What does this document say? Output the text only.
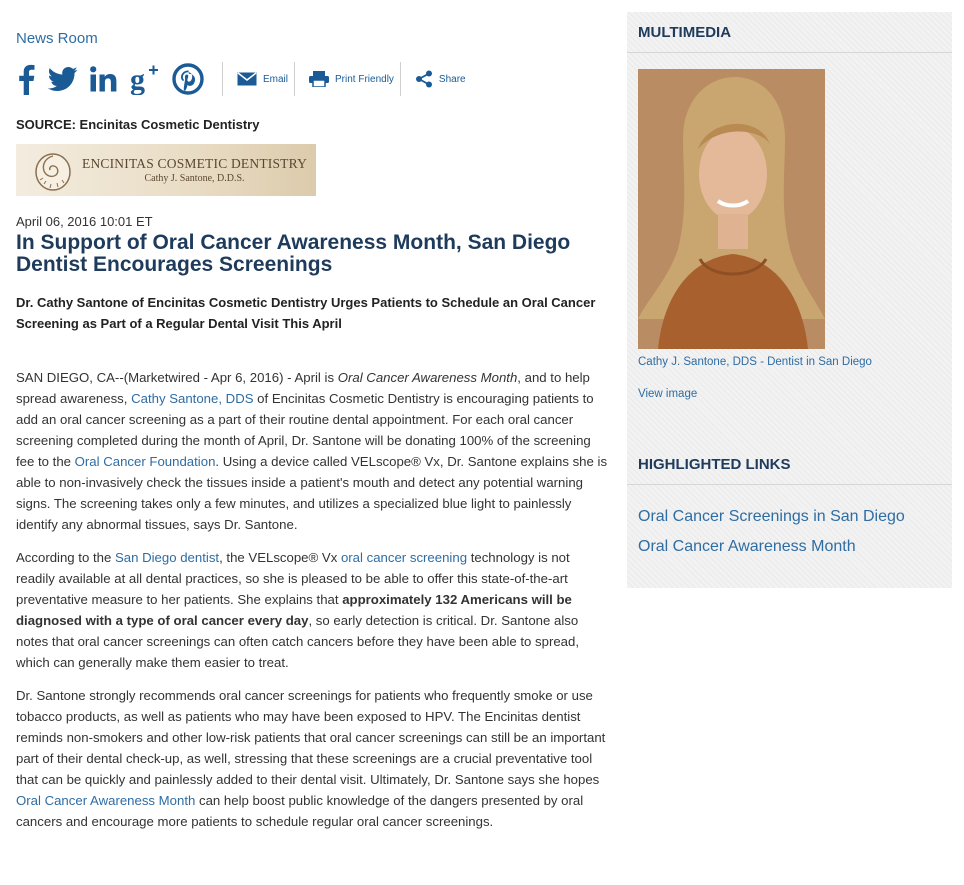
News Room
g	Email	Print Friendly	Share
SOURCE: Encinitas Cosmetic Dentistry
ENCINITAS COSMETIC DENTISTRY
Cathy J. Santone, D.D.S.
April 06, 2016 10:01 ET
In Support of Oral Cancer Awareness Month, San Diego Dentist Encourages Screenings
Dr. Cathy Santone of Encinitas Cosmetic Dentistry Urges Patients to Schedule an Oral Cancer Screening as Part of a Regular Dental Visit This April

SAN DIEGO, CA--(Marketwired - Apr 6, 2016) - April is Oral Cancer Awareness Month, and to help spread awareness, Cathy Santone, DDS of Encinitas Cosmetic Dentistry is encouraging patients to add an oral cancer screening as a part of their routine dental appointment. For each oral cancer screening completed during the month of April, Dr. Santone will be donating 100% of the screening fee to the Oral Cancer Foundation. Using a device called VELscope® Vx, Dr. Santone explains she is able to non-invasively check the tissues inside a patient's mouth and detect any potential warning signs. The screening takes only a few minutes, and utilizes a specialized blue light to painlessly identify any abnormal tissues, says Dr. Santone.

According to the San Diego dentist, the VELscope® Vx oral cancer screening technology is not readily available at all dental practices, so she is pleased to be able to offer this state-of-the-art preventative measure to her patients. She explains that approximately 132 Americans will be diagnosed with a type of oral cancer every day, so early detection is critical. Dr. Santone also notes that oral cancer screenings can often catch cancers before they have been able to spread, which can generally make them easier to treat.

Dr. Santone strongly recommends oral cancer screenings for patients who frequently smoke or use tobacco products, as well as patients who may have been exposed to HPV. The Encinitas dentist reminds non-smokers and other low-risk patients that oral cancer screenings can still be an important part of their dental check-up, as well, stressing that these screenings are a crucial preventative tool that can be quickly and painlessly added to their dental visit. Ultimately, Dr. Santone says she hopes Oral Cancer Awareness Month can help boost public knowledge of the dangers presented by oral cancers and encourage more patients to schedule regular oral cancer screenings.

MULTIMEDIA
Cathy J. Santone, DDS - Dentist in San Diego
View image
HIGHLIGHTED LINKS
Oral Cancer Screenings in San Diego
Oral Cancer Awareness Month
